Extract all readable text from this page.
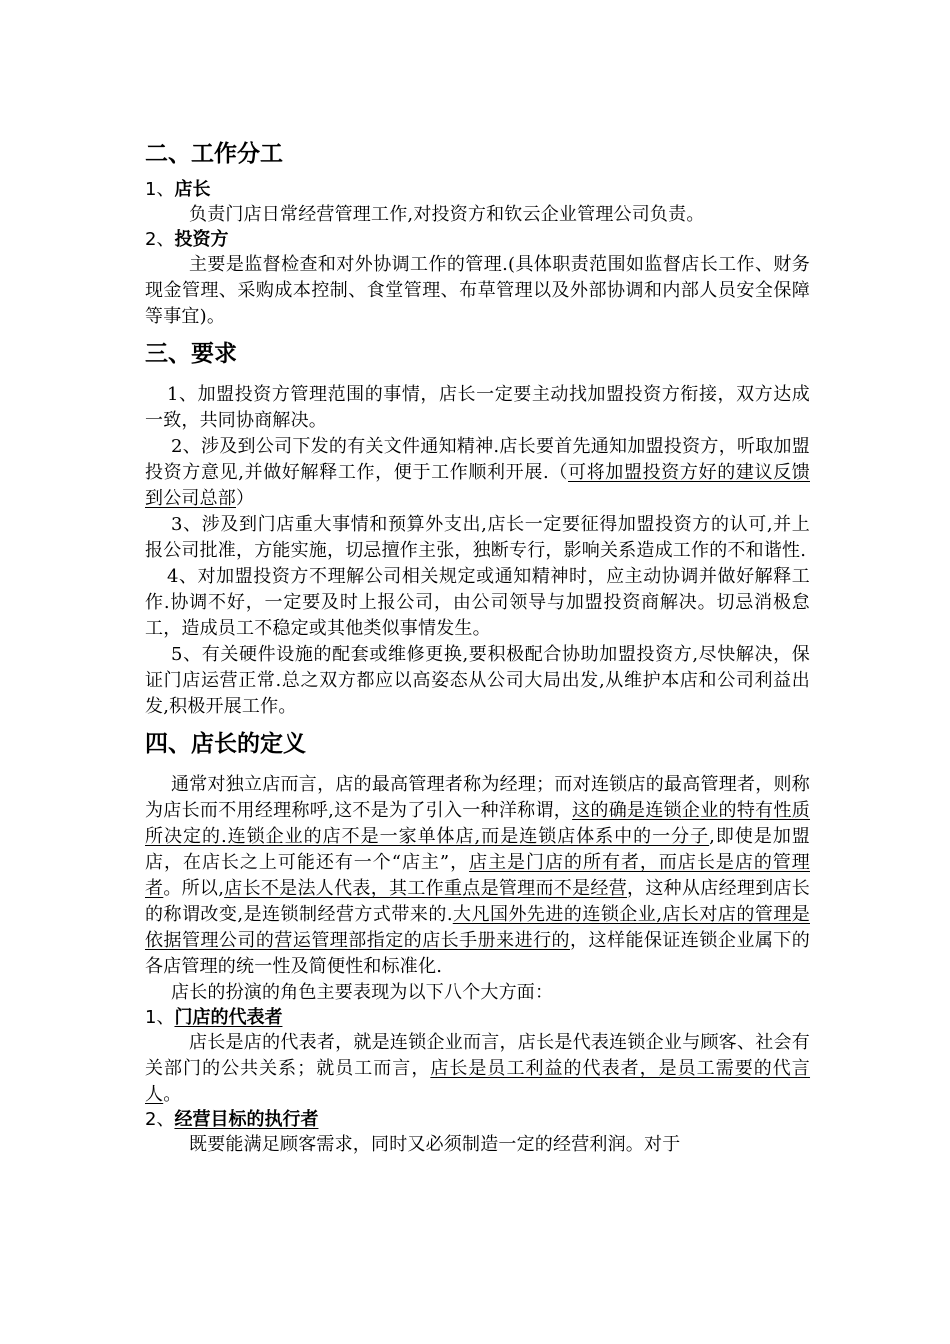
二、工作分工
1、店长

负责门店日常经营管理工作,对投资方和钦云企业管理公司负责。

2、投资方

主要是监督检查和对外协调工作的管理.(具体职责范围如监督店长工作、财务现金管理、采购成本控制、食堂管理、布草管理以及外部协调和内部人员安全保障等事宜)。

三、要求

1、加盟投资方管理范围的事情，店长一定要主动找加盟投资方衔接，双方达成一致，共同协商解决。

2、涉及到公司下发的有关文件通知精神.店长要首先通知加盟投资方，听取加盟投资方意见,并做好解释工作，便于工作顺利开展.（可将加盟投资方好的建议反馈到公司总部）

3、涉及到门店重大事情和预算外支出,店长一定要征得加盟投资方的认可,并上报公司批准，方能实施，切忌擅作主张，独断专行，影响关系造成工作的不和谐性.

4、对加盟投资方不理解公司相关规定或通知精神时，应主动协调并做好解释工作.协调不好，一定要及时上报公司，由公司领导与加盟投资商解决。切忌消极怠工，造成员工不稳定或其他类似事情发生。

5、有关硬件设施的配套或维修更换,要积极配合协助加盟投资方,尽快解决，保证门店运营正常.总之双方都应以高姿态从公司大局出发,从维护本店和公司利益出发,积极开展工作。

四、店长的定义

通常对独立店而言，店的最高管理者称为经理；而对连锁店的最高管理者，则称为店长而不用经理称呼,这不是为了引入一种洋称谓，这的确是连锁企业的特有性质所决定的.连锁企业的店不是一家单体店,而是连锁店体系中的一分子,即使是加盟店，在店长之上可能还有一个“店主”，店主是门店的所有者，而店长是店的管理者。所以,店长不是法人代表，其工作重点是管理而不是经营，这种从店经理到店长的称谓改变,是连锁制经营方式带来的.大凡国外先进的连锁企业,店长对店的管理是依据管理公司的营运管理部指定的店长手册来进行的，这样能保证连锁企业属下的各店管理的统一性及简便性和标准化.

店长的扮演的角色主要表现为以下八个大方面：

1、门店的代表者

店长是店的代表者，就是连锁企业而言，店长是代表连锁企业与顾客、社会有关部门的公共关系；就员工而言，店长是员工利益的代表者，是员工需要的代言人。

2、经营目标的执行者

既要能满足顾客需求，同时又必须制造一定的经营利润。对于
